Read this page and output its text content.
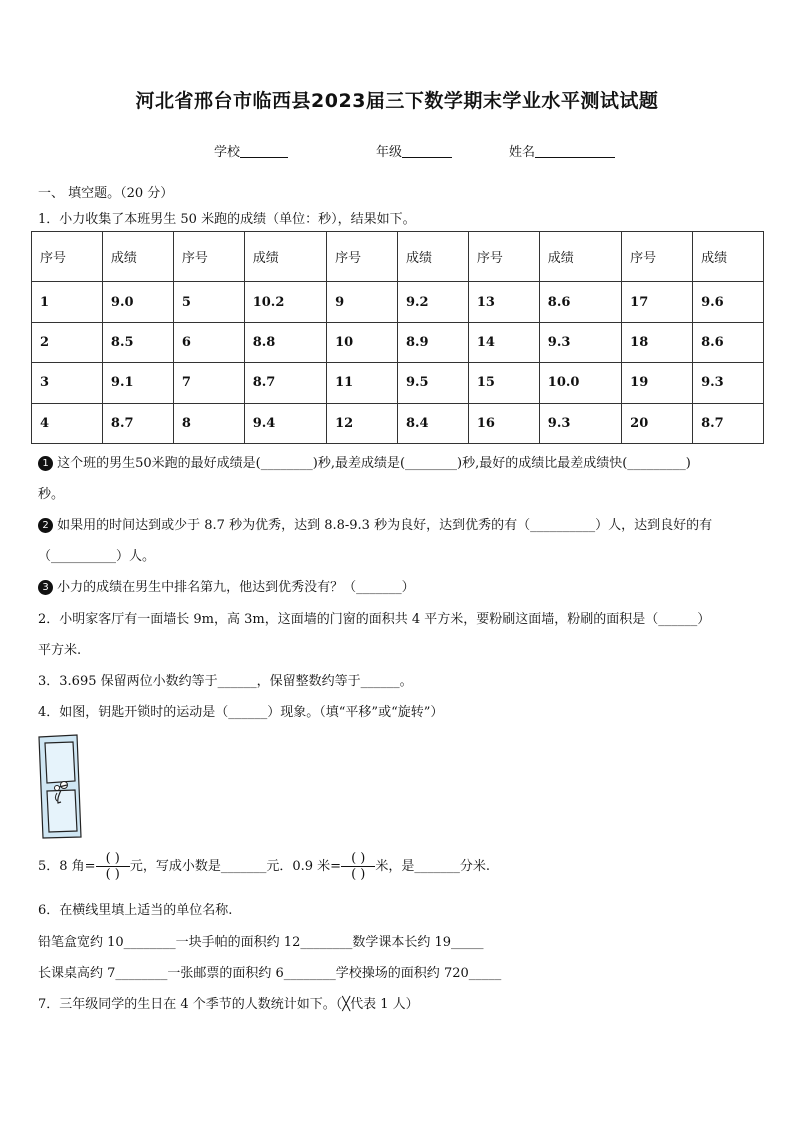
河北省邢台市临西县2023届三下数学期末学业水平测试试题
学校	年级	姓名
一、 填空题。（20 分）
1．小力收集了本班男生 50 米跑的成绩（单位：秒），结果如下。
序号	成绩	序号	成绩	序号	成绩	序号	成绩	序号	成绩
1	9.0	5	10.2	9	9.2	13	8.6	17	9.6
2	8.5	6	8.8	10	8.9	14	9.3	18	8.6
3	9.1	7	8.7	11	9.5	15	10.0	19	9.3
4	8.7	8	9.4	12	8.4	16	9.3	20	8.7
1 这个班的男生50米跑的最好成绩是(________)秒,最差成绩是(________)秒,最好的成绩比最差成绩快(_________)
秒。
2 如果用的时间达到或少于 8.7 秒为优秀，达到 8.8-9.3 秒为良好，达到优秀的有（__________）人，达到良好的有
（__________）人。
3 小力的成绩在男生中排名第九，他达到优秀没有？（_______）
2．小明家客厅有一面墙长 9m，高 3m，这面墙的门窗的面积共 4 平方米，要粉刷这面墙，粉刷的面积是（______）
平方米.
3．3.695 保留两位小数约等于______，保留整数约等于______。
4．如图，钥匙开锁时的运动是（______）现象。（填“平移”或“旋转”）
5．8 角= $\frac{( )}{( )}$ 元，写成小数是_______元．0.9 米= $\frac{( )}{( )}$ 米，是_______分米.
6．在横线里填上适当的单位名称.
铅笔盒宽约 10________一块手帕的面积约 12________数学课本长约 19_____
长课桌高约 7________一张邮票的面积约 6________学校操场的面积约 720_____
7．三年级同学的生日在 4 个季节的人数统计如下。（╳代表 1 人）
